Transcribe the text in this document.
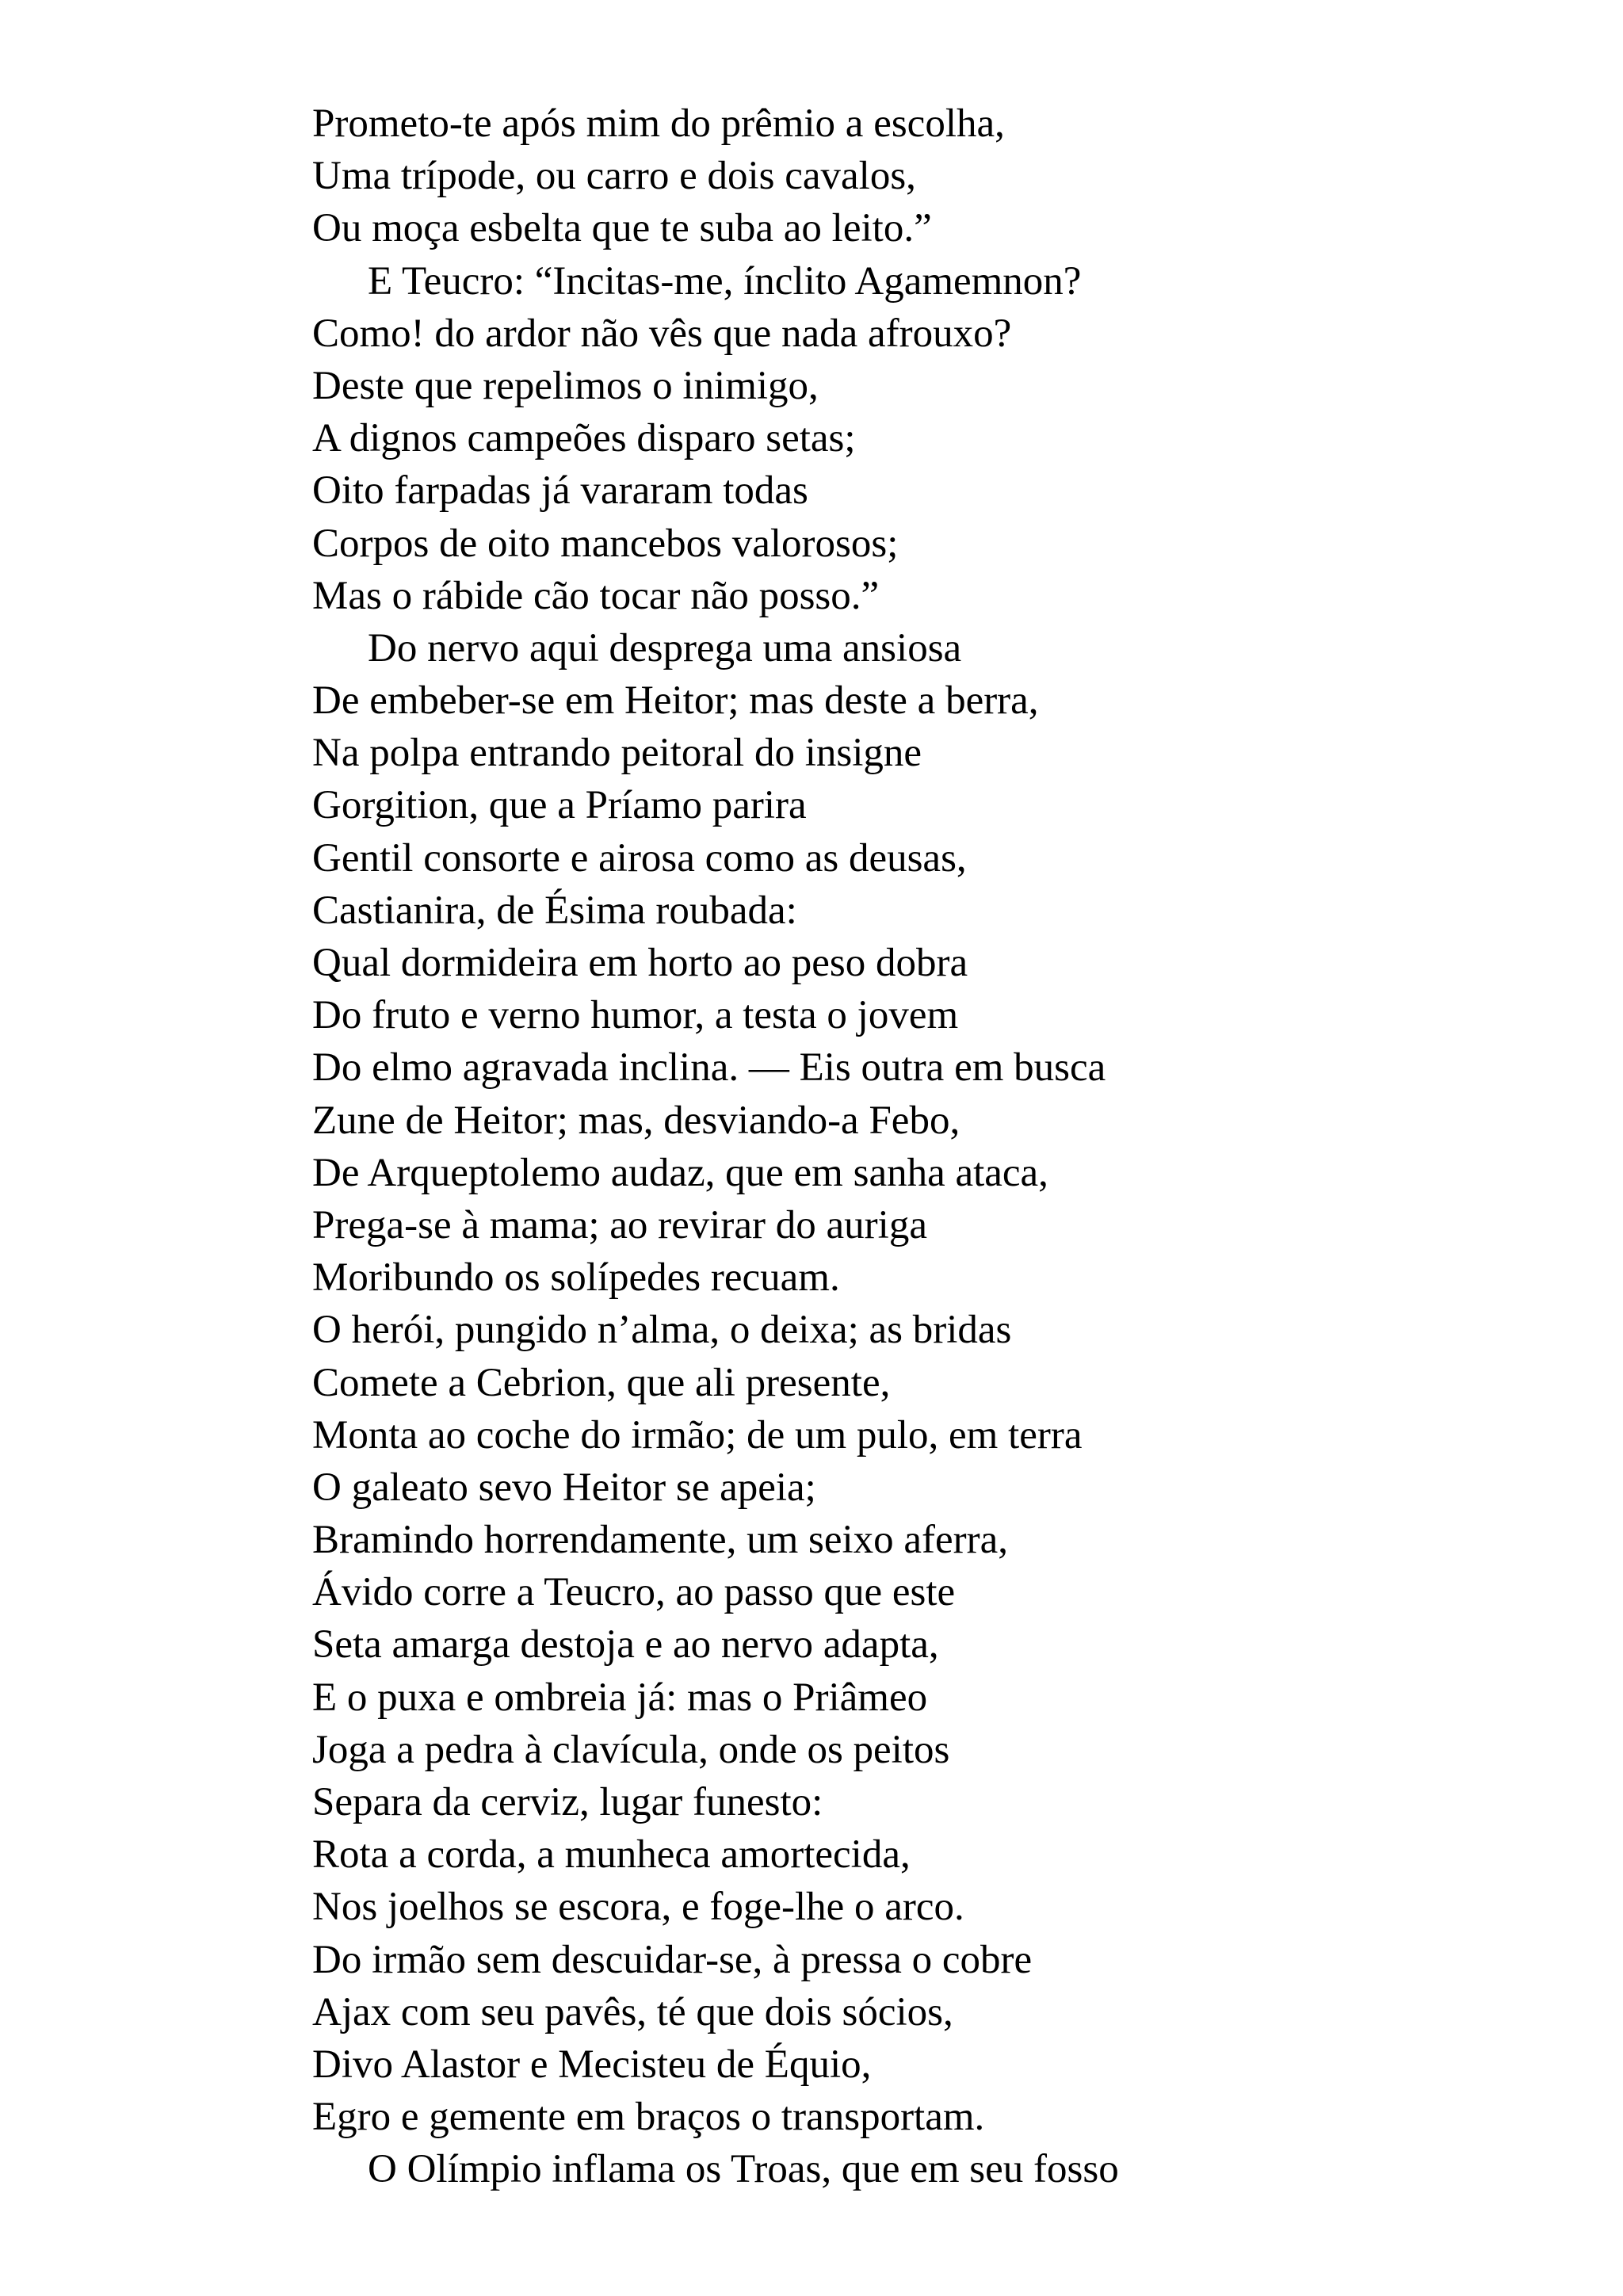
Prometo-te após mim do prêmio a escolha,
Uma trípode, ou carro e dois cavalos,
Ou moça esbelta que te suba ao leito.”
E Teucro: “Incitas-me, ínclito Agamemnon?
Como! do ardor não vês que nada afrouxo?
Deste que repelimos o inimigo,
A dignos campeões disparo setas;
Oito farpadas já vararam todas
Corpos de oito mancebos valorosos;
Mas o rábide cão tocar não posso.”
Do nervo aqui desprega uma ansiosa
De embeber-se em Heitor; mas deste a berra,
Na polpa entrando peitoral do insigne
Gorgition, que a Príamo parira
Gentil consorte e airosa como as deusas,
Castianira, de Ésima roubada:
Qual dormideira em horto ao peso dobra
Do fruto e verno humor, a testa o jovem
Do elmo agravada inclina. — Eis outra em busca
Zune de Heitor; mas, desviando-a Febo,
De Arqueptolemo audaz, que em sanha ataca,
Prega-se à mama; ao revirar do auriga
Moribundo os solípedes recuam.
O herói, pungido n’alma, o deixa; as bridas
Comete a Cebrion, que ali presente,
Monta ao coche do irmão; de um pulo, em terra
O galeato sevo Heitor se apeia;
Bramindo horrendamente, um seixo aferra,
Ávido corre a Teucro, ao passo que este
Seta amarga destoja e ao nervo adapta,
E o puxa e ombreia já: mas o Priâmeo
Joga a pedra à clavícula, onde os peitos
Separa da cerviz, lugar funesto:
Rota a corda, a munheca amortecida,
Nos joelhos se escora, e foge-lhe o arco.
Do irmão sem descuidar-se, à pressa o cobre
Ajax com seu pavês, té que dois sócios,
Divo Alastor e Mecisteu de Équio,
Egro e gemente em braços o transportam.
O Olímpio inflama os Troas, que em seu fosso
